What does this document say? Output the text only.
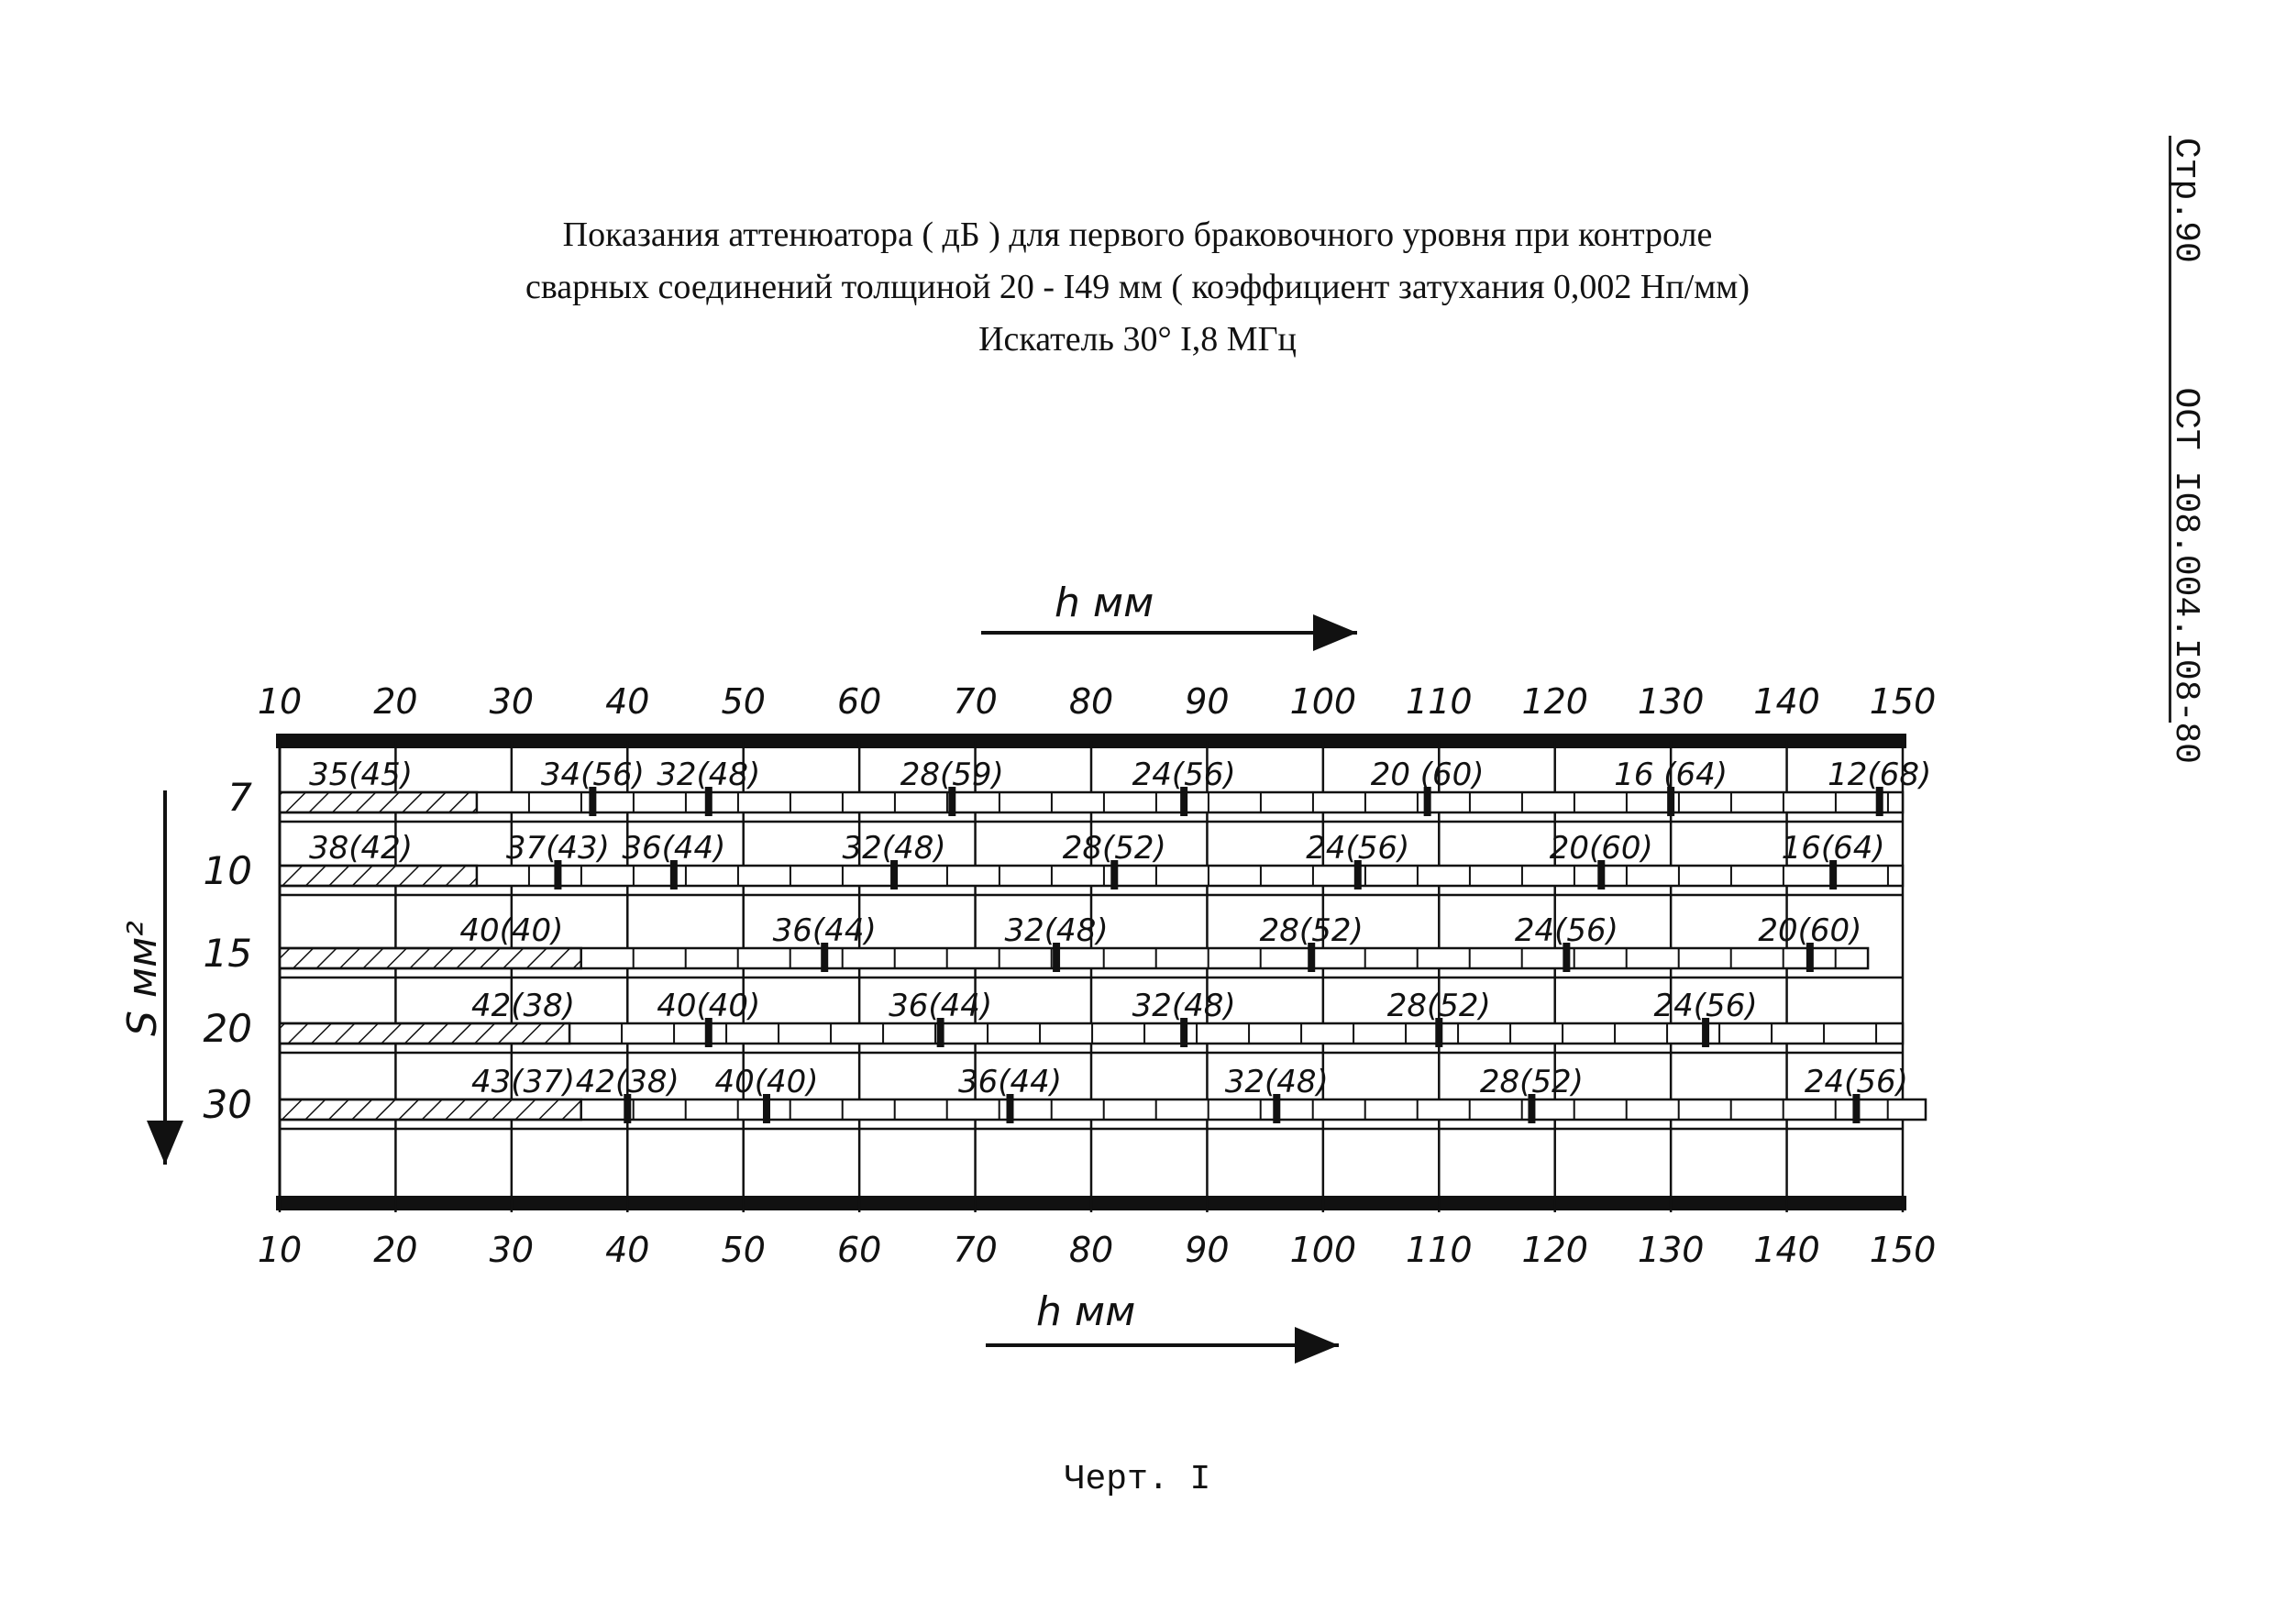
Показания аттенюатора ( дБ ) для первого браковочного уровня при контроле
сварных соединений толщиной 20 - I49 мм ( коэффициент затухания 0,002 Нп/мм)
Искатель 30° I,8 МГц
Стр.90  ОСТ I08.004.I08-80
7 35(45)	34(56) 32(48)	28(59)	24(56)	20 (60)	16 (64)	12(68)
10 38(42)	37(43) 36(44)	32(48)	28(52)	24(56)	20(60)	16(64)
15	40(40)	36(44)	32(48)	28(52)	24(56)	20(60)
20	42(38)	40(40)	36(44)	32(48)	28(52)	24(56)
30	43(37) 42(38) 40(40)	36(44)	32(48)	28(52)	24(56)
10
10
20
20
30
30
40
40
50
50
60
60
70
70
80
80
90
90
100
100
110
110
120
120
130
130
140
140
150
150
h мм
h мм
S мм²
Черт. I
